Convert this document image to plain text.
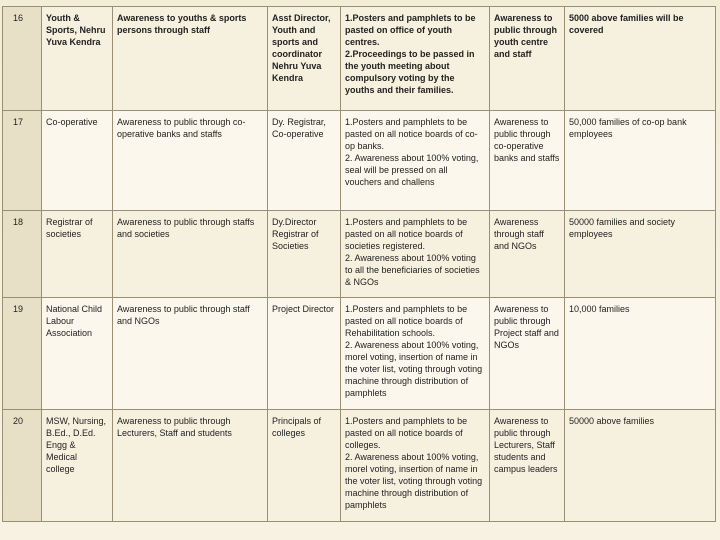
16	Youth & Sports, Nehru Yuva Kendra	Awareness to youths & sports persons through staff	Asst Director, Youth and sports and coordinator Nehru Yuva Kendra	1.Posters and pamphlets to be pasted on office of youth centres.
2.Proceedings to be passed in the youth meeting about compulsory voting by the youths and their families.	Awareness to public through youth centre and staff	5000 above families will be covered
17	Co-operative	Awareness to public through co-operative banks and staffs	Dy. Registrar, Co-operative	1.Posters and pamphlets to be pasted on all notice boards of co-op banks.
2. Awareness about 100% voting, seal will be pressed on all vouchers and challens	Awareness to public through co-operative banks and staffs	50,000 families of co-op bank employees
18	Registrar of societies	Awareness to public through staffs and societies	Dy.Director Registrar of Societies	1.Posters and pamphlets to be pasted on all notice boards of societies registered.
2. Awareness about 100% voting to all the beneficiaries of societies & NGOs	Awareness through staff and NGOs	50000 families and society employees
19	National Child Labour Association	Awareness to public through staff and NGOs	Project Director	1.Posters and pamphlets to be pasted on all notice boards of Rehabilitation schools.
2. Awareness about 100% voting, morel voting, insertion of name in the voter list, voting through voting machine through distribution of pamphlets	Awareness to public through Project staff and NGOs	10,000 families
20	MSW, Nursing, B.Ed., D.Ed. Engg & Medical college	Awareness to public through Lecturers, Staff and students	Principals of colleges	1.Posters and pamphlets to be pasted on all notice boards of colleges.
2. Awareness about 100% voting, morel voting, insertion of name in the voter list, voting through voting machine through distribution of pamphlets	Awareness to public through Lecturers, Staff students and campus leaders	50000 above families
